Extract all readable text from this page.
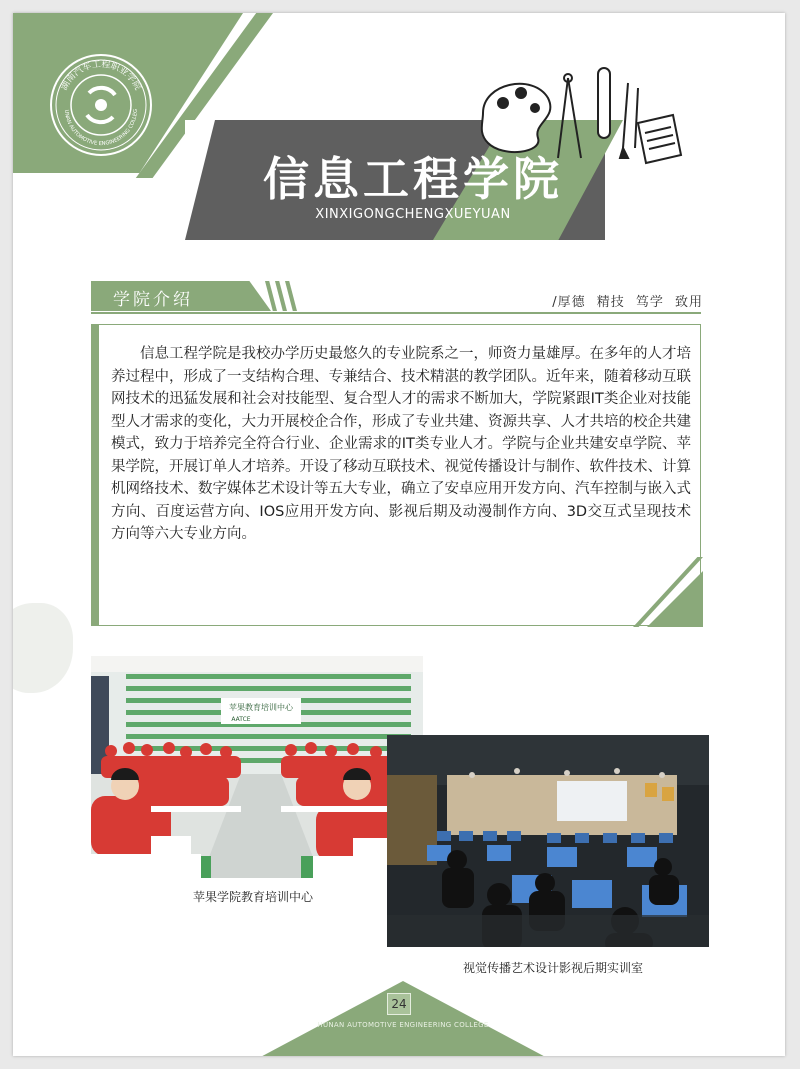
湖南汽车工程职业学院
UNAN AUTOMOTIVE ENGINEERING COLLEG
信息工程学院
XINXIGONGCHENGXUEYUAN
学院介绍	/厚德 精技 笃学 致用
信息工程学院是我校办学历史最悠久的专业院系之一，师资力量雄厚。在多年的人才培养过程中，形成了一支结构合理、专兼结合、技术精湛的教学团队。近年来，随着移动互联网技术的迅猛发展和社会对技能型、复合型人才的需求不断加大，学院紧跟IT类企业对技能型人才需求的变化，大力开展校企合作，形成了专业共建、资源共享、人才共培的校企共建模式，致力于培养完全符合行业、企业需求的IT类专业人才。学院与企业共建安卓学院、苹果学院，开展订单人才培养。开设了移动互联技术、视觉传播设计与制作、软件技术、计算机网络技术、数字媒体艺术设计等五大专业，确立了安卓应用开发方向、汽车控制与嵌入式方向、百度运营方向、IOS应用开发方向、影视后期及动漫制作方向、3D交互式呈现技术方向等六大专业方向。
苹果教育培训中心
AATCE
苹果学院教育培训中心
视觉传播艺术设计影视后期实训室
24
HUNAN AUTOMOTIVE ENGINEERING COLLEGE
